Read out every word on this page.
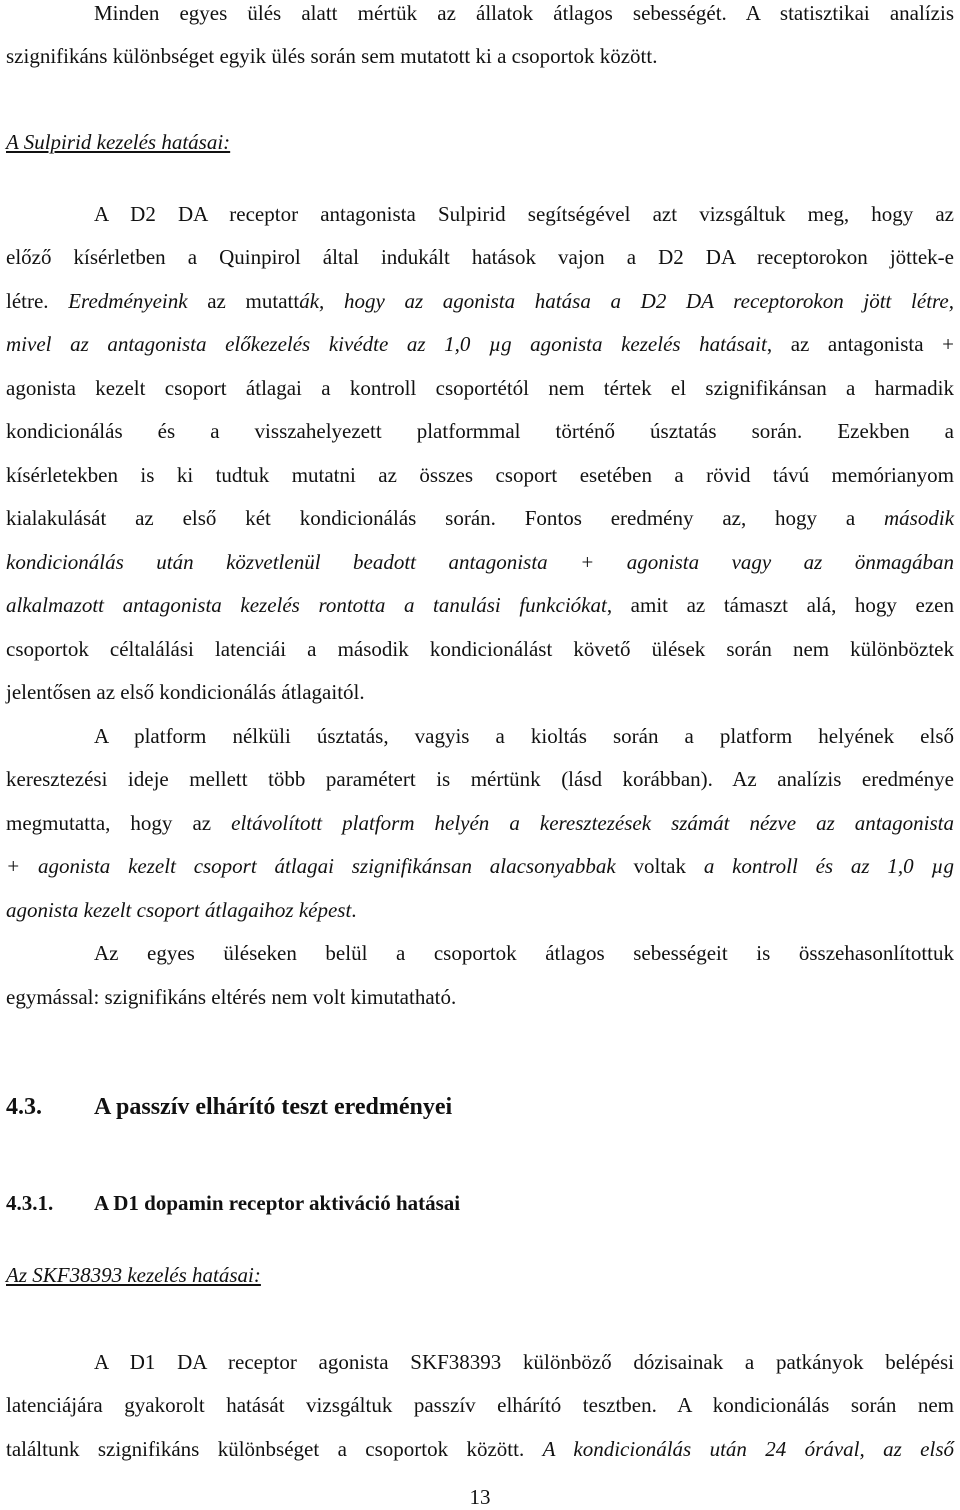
Minden egyes ülés alatt mértük az állatok átlagos sebességét. A statisztikai analízis
szignifikáns különbséget egyik ülés során sem mutatott ki a csoportok között.
A Sulpirid kezelés hatásai:
A D2 DA receptor antagonista Sulpirid segítségével azt vizsgáltuk meg, hogy az
előző kísérletben a Quinpirol által indukált hatások vajon a D2 DA receptorokon jöttek-e
létre. Eredményeink az mutatták, hogy az agonista hatása a D2 DA receptorokon jött létre,
mivel az antagonista előkezelés kivédte az 1,0 µg agonista kezelés hatásait, az antagonista +
agonista kezelt csoport átlagai a kontroll csoportétól nem tértek el szignifikánsan a harmadik
kondicionálás és a visszahelyezett platformmal történő úsztatás során. Ezekben a
kísérletekben is ki tudtuk mutatni az összes csoport esetében a rövid távú memórianyom
kialakulását az első két kondicionálás során. Fontos eredmény az, hogy a második
kondicionálás után közvetlenül beadott antagonista + agonista vagy az önmagában
alkalmazott antagonista kezelés rontotta a tanulási funkciókat, amit az támaszt alá, hogy ezen
csoportok céltalálási latenciái a második kondicionálást követő ülések során nem különböztek
jelentősen az első kondicionálás átlagaitól.
A platform nélküli úsztatás, vagyis a kioltás során a platform helyének első
keresztezési ideje mellett több paramétert is mértünk (lásd korábban). Az analízis eredménye
megmutatta, hogy az eltávolított platform helyén a keresztezések számát nézve az antagonista
+ agonista kezelt csoport átlagai szignifikánsan alacsonyabbak voltak a kontroll és az 1,0 µg
agonista kezelt csoport átlagaihoz képest.
Az egyes üléseken belül a csoportok átlagos sebességeit is összehasonlítottuk
egymással: szignifikáns eltérés nem volt kimutatható.
4.3. A passzív elhárító teszt eredményei
4.3.1. A D1 dopamin receptor aktiváció hatásai
Az SKF38393 kezelés hatásai:
A D1 DA receptor agonista SKF38393 különböző dózisainak a patkányok belépési
latenciájára gyakorolt hatását vizsgáltuk passzív elhárító tesztben. A kondicionálás során nem
találtunk szignifikáns különbséget a csoportok között. A kondicionálás után 24 órával, az első
13
